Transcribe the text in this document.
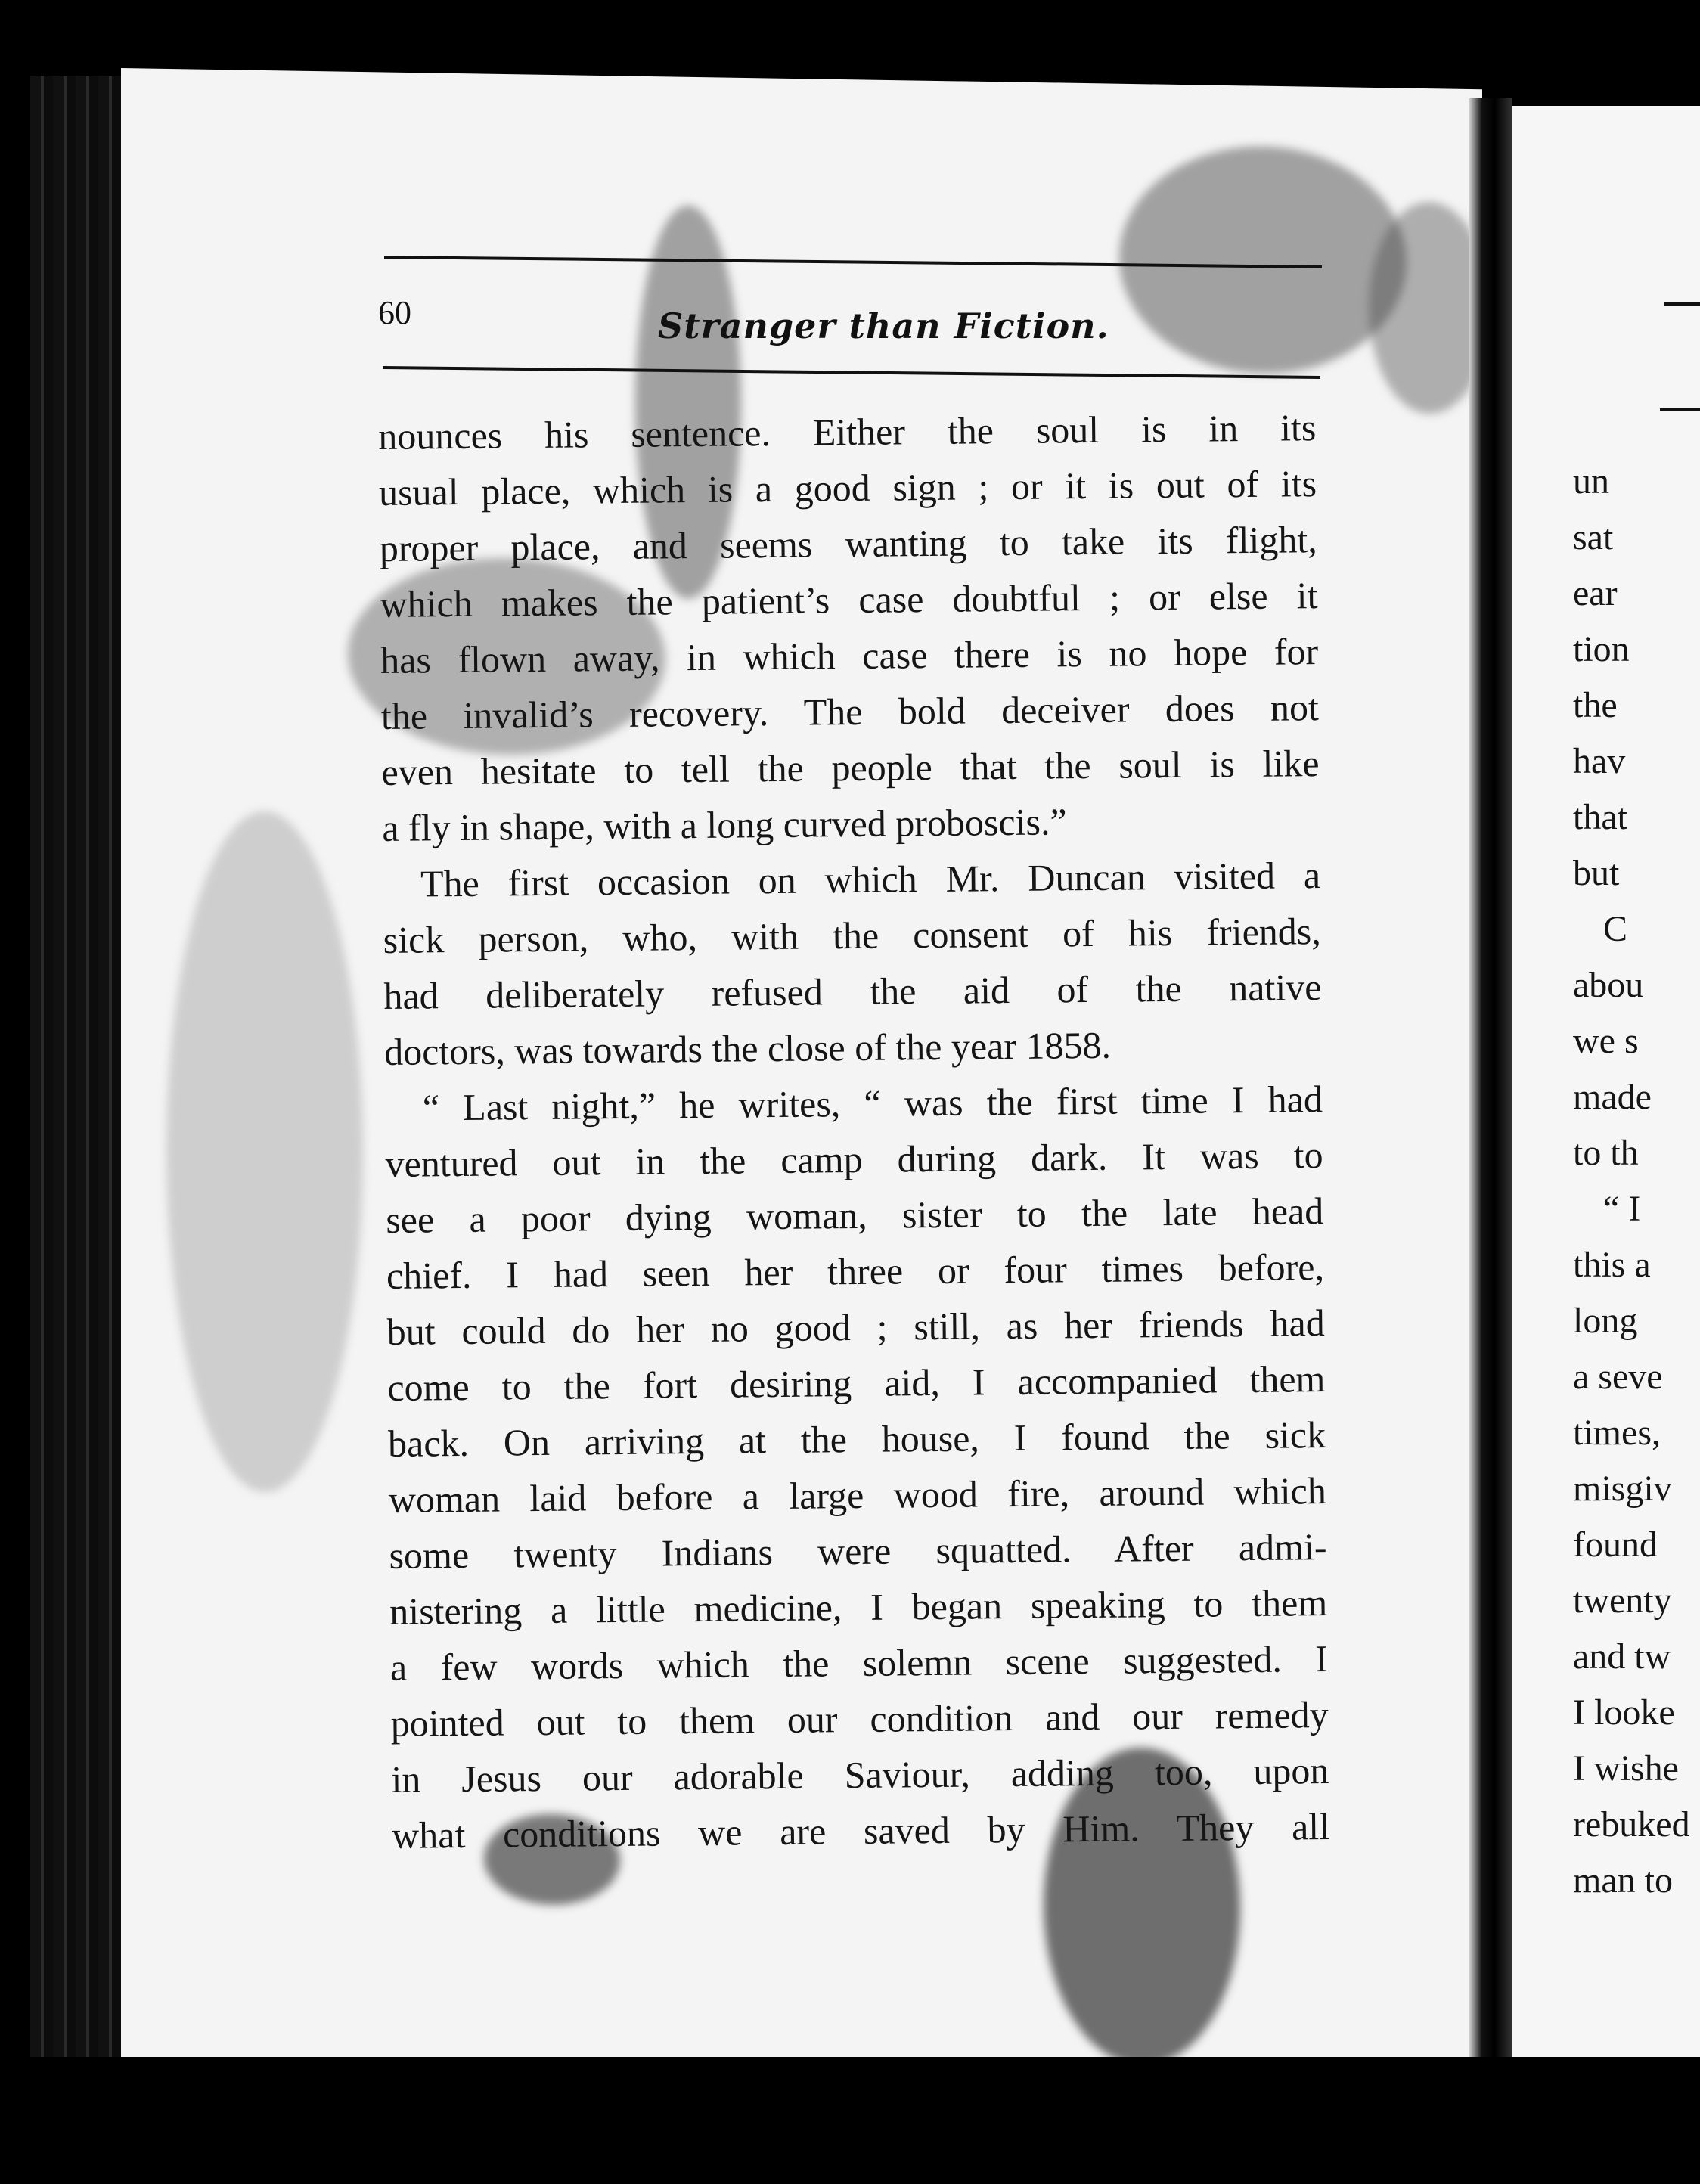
60	Stranger than Fiction.
nounces his sentence. Either the soul is in its
usual place, which is a good sign ; or it is out of its
proper place, and seems wanting to take its flight,
which makes the patient’s case doubtful ; or else it
has flown away, in which case there is no hope for
the invalid’s recovery. The bold deceiver does not
even hesitate to tell the people that the soul is like
a fly in shape, with a long curved proboscis.”
The first occasion on which Mr. Duncan visited a
sick person, who, with the consent of his friends,
had deliberately refused the aid of the native
doctors, was towards the close of the year 1858.
“ Last night,” he writes, “ was the first time I had
ventured out in the camp during dark. It was to
see a poor dying woman, sister to the late head
chief. I had seen her three or four times before,
but could do her no good ; still, as her friends had
come to the fort desiring aid, I accompanied them
back. On arriving at the house, I found the sick
woman laid before a large wood fire, around which
some twenty Indians were squatted. After admi-
nistering a little medicine, I began speaking to them
a few words which the solemn scene suggested. I
pointed out to them our condition and our remedy
in Jesus our adorable Saviour, adding too, upon
what conditions we are saved by Him. They all
un
sat
ear
tion
the
hav
that
but
C
abou
we s
made
to th
“ I
this a
long
a seve
times,
misgiv
found
twenty
and tw
I looke
I wishe
rebuked
man to
